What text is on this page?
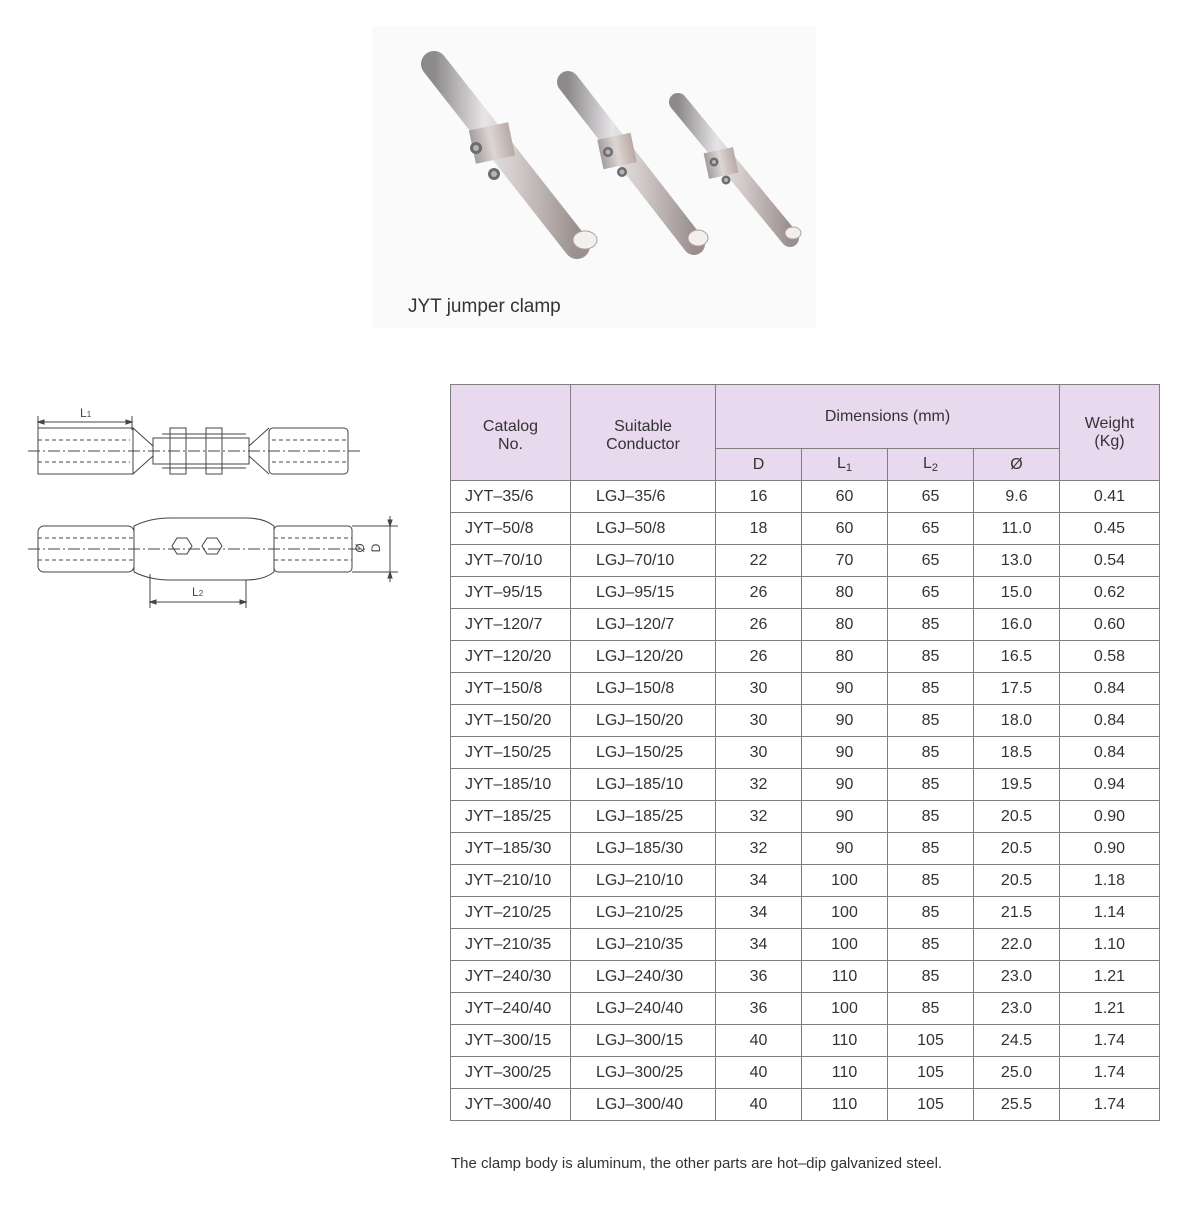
JYT jumper clamp
L1
D
Ø
L2
Catalog
No.	Suitable
Conductor	Dimensions (mm)				Weight
(Kg)
		D	$L_1$	$L_2$	Ø	
JYT–35/6	LGJ–35/6	16	60	65	9.6	0.41
JYT–50/8	LGJ–50/8	18	60	65	11.0	0.45
JYT–70/10	LGJ–70/10	22	70	65	13.0	0.54
JYT–95/15	LGJ–95/15	26	80	65	15.0	0.62
JYT–120/7	LGJ–120/7	26	80	85	16.0	0.60
JYT–120/20	LGJ–120/20	26	80	85	16.5	0.58
JYT–150/8	LGJ–150/8	30	90	85	17.5	0.84
JYT–150/20	LGJ–150/20	30	90	85	18.0	0.84
JYT–150/25	LGJ–150/25	30	90	85	18.5	0.84
JYT–185/10	LGJ–185/10	32	90	85	19.5	0.94
JYT–185/25	LGJ–185/25	32	90	85	20.5	0.90
JYT–185/30	LGJ–185/30	32	90	85	20.5	0.90
JYT–210/10	LGJ–210/10	34	100	85	20.5	1.18
JYT–210/25	LGJ–210/25	34	100	85	21.5	1.14
JYT–210/35	LGJ–210/35	34	100	85	22.0	1.10
JYT–240/30	LGJ–240/30	36	110	85	23.0	1.21
JYT–240/40	LGJ–240/40	36	100	85	23.0	1.21
JYT–300/15	LGJ–300/15	40	110	105	24.5	1.74
JYT–300/25	LGJ–300/25	40	110	105	25.0	1.74
JYT–300/40	LGJ–300/40	40	110	105	25.5	1.74
The clamp body is aluminum, the other parts are hot–dip galvanized steel.
